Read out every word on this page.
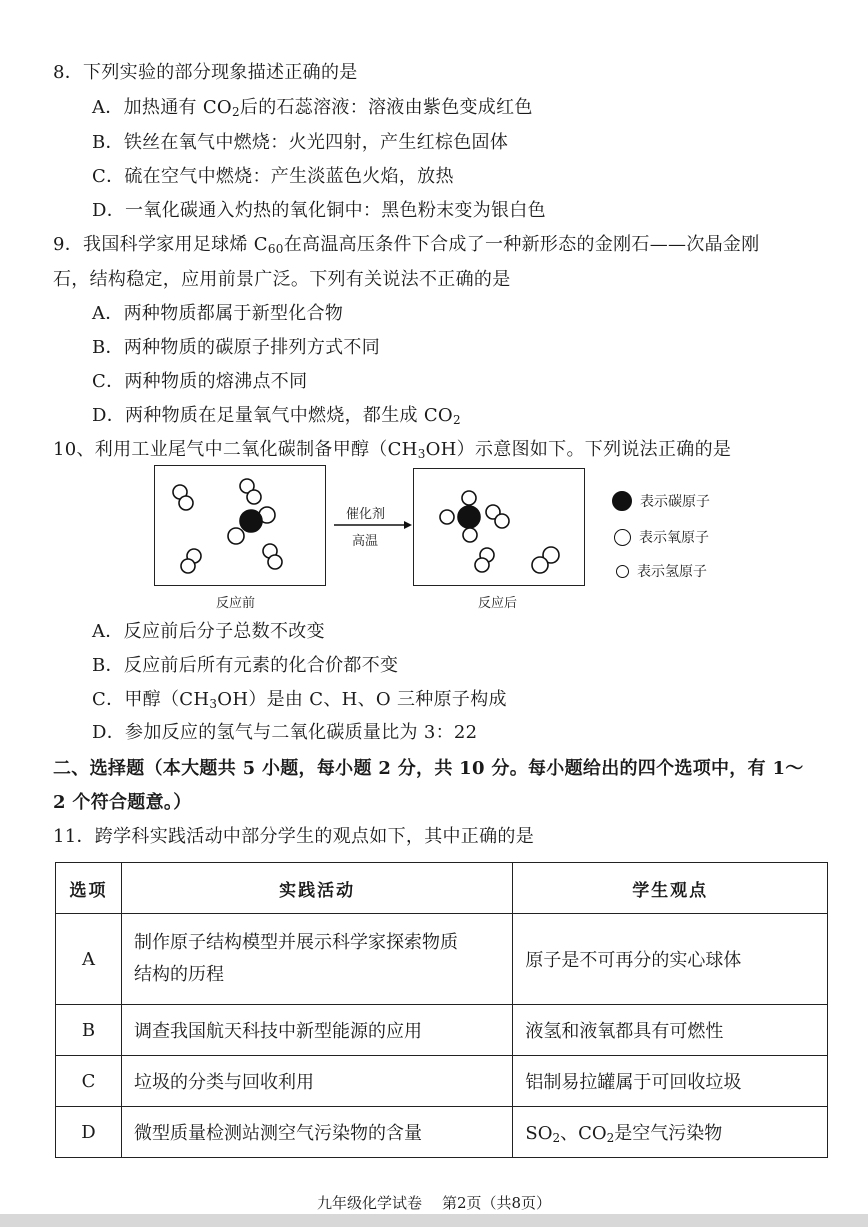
8．下列实验的部分现象描述正确的是
A．加热通有 $CO_2$后的石蕊溶液：溶液由紫色变成红色
B．铁丝在氧气中燃烧：火光四射，产生红棕色固体
C．硫在空气中燃烧：产生淡蓝色火焰，放热
D．一氧化碳通入灼热的氧化铜中：黑色粉末变为银白色
9．我国科学家用足球烯 $C_{60}$在高温高压条件下合成了一种新形态的金刚石——次晶金刚
石，结构稳定，应用前景广泛。下列有关说法不正确的是
A．两种物质都属于新型化合物
B．两种物质的碳原子排列方式不同
C．两种物质的熔沸点不同
D．两种物质在足量氧气中燃烧，都生成 $CO_2$
10、利用工业尾气中二氧化碳制备甲醇$(CH_3OH)$示意图如下。下列说法正确的是
反应前
催化剂
高温
反应后
表示碳原子
表示氧原子
表示氢原子
A．反应前后分子总数不改变
B．反应前后所有元素的化合价都不变
C．甲醇$(CH_3OH)$是由 C、H、O 三种原子构成
D．参加反应的氢气与二氧化碳质量比为 3：22
二、选择题（本大题共 5 小题，每小题 2 分，共 10 分。每小题给出的四个选项中，有 1～
2 个符合题意。）
11．跨学科实践活动中部分学生的观点如下，其中正确的是
选项	实践活动	学生观点
A	制作原子结构模型并展示科学家探索物质
结构的历程	原子是不可再分的实心球体
B	调查我国航天科技中新型能源的应用	液氢和液氧都具有可燃性
C	垃圾的分类与回收利用	铝制易拉罐属于可回收垃圾
D	微型质量检测站测空气污染物的含量	$SO_2$、$CO_2$是空气污染物
九年级化学试卷 第2页（共8页）
